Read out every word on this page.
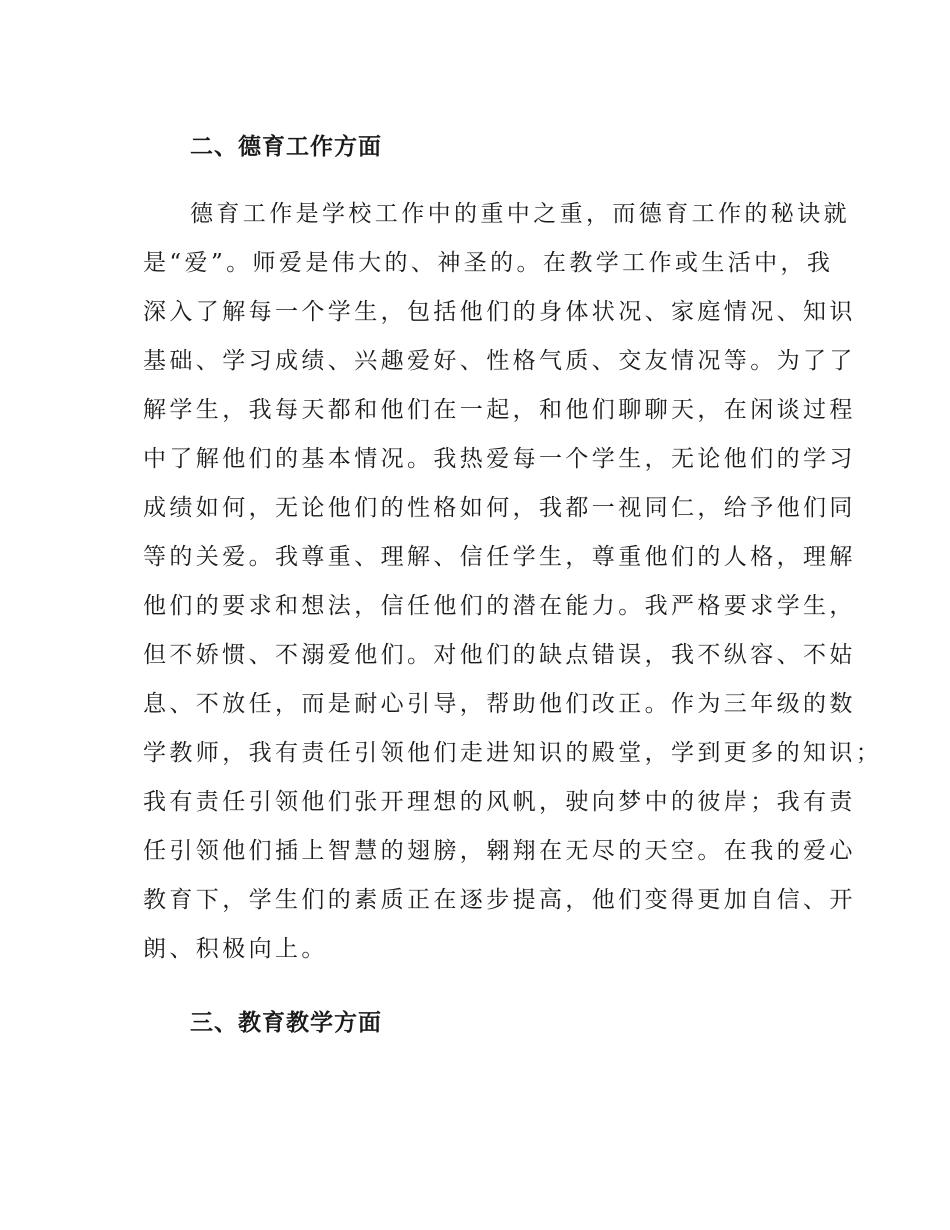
二、德育工作方面
德育工作是学校工作中的重中之重，而德育工作的秘诀就
是“爱”。师爱是伟大的、神圣的。在教学工作或生活中，我
深入了解每一个学生，包括他们的身体状况、家庭情况、知识
基础、学习成绩、兴趣爱好、性格气质、交友情况等。为了了
解学生，我每天都和他们在一起，和他们聊聊天，在闲谈过程
中了解他们的基本情况。我热爱每一个学生，无论他们的学习
成绩如何，无论他们的性格如何，我都一视同仁，给予他们同
等的关爱。我尊重、理解、信任学生，尊重他们的人格，理解
他们的要求和想法，信任他们的潜在能力。我严格要求学生，
但不娇惯、不溺爱他们。对他们的缺点错误，我不纵容、不姑
息、不放任，而是耐心引导，帮助他们改正。作为三年级的数
学教师，我有责任引领他们走进知识的殿堂，学到更多的知识；
我有责任引领他们张开理想的风帆，驶向梦中的彼岸；我有责
任引领他们插上智慧的翅膀，翱翔在无尽的天空。在我的爱心
教育下，学生们的素质正在逐步提高，他们变得更加自信、开
朗、积极向上。
三、教育教学方面
